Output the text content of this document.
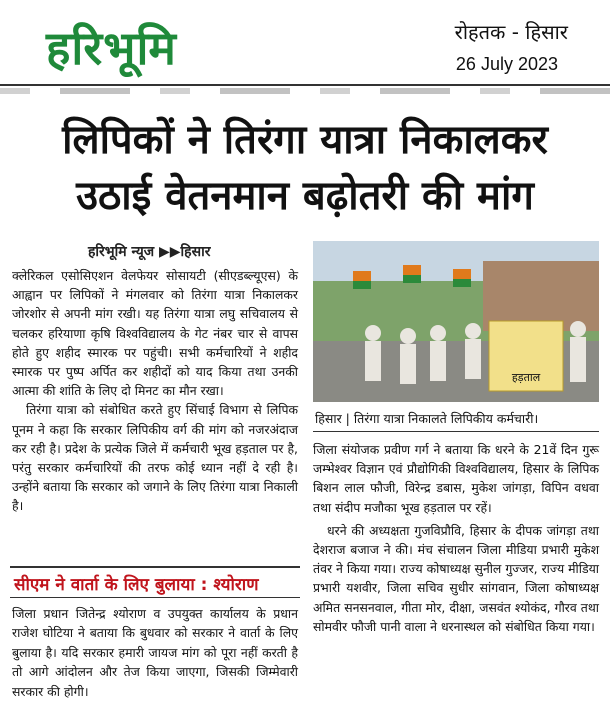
हरिभूमि	रोहतक - हिसार
26 July 2023
लिपिकों ने तिरंगा यात्रा निकालकर
उठाई वेतनमान बढ़ोतरी की मांग
हरिभूमि न्यूज ▶▶हिसार

क्लेरिकल एसोसिएशन वेलफेयर सोसायटी (सीएडब्ल्यूएस) के आह्वान पर लिपिकों ने मंगलवार को तिरंगा यात्रा निकालकर जोरशोर से अपनी मांग रखी। यह तिरंगा यात्रा लघु सचिवालय से चलकर हरियाणा कृषि विश्वविद्यालय के गेट नंबर चार से वापस होते हुए शहीद स्मारक पर पहुंची। सभी कर्मचारियों ने शहीद स्मारक पर पुष्प अर्पित कर शहीदों को याद किया तथा उनकी आत्मा की शांति के लिए दो मिनट का मौन रखा।

तिरंगा यात्रा को संबोधित करते हुए सिंचाई विभाग से लिपिक पूनम ने कहा कि सरकार लिपिकीय वर्ग की मांग को नजरअंदाज कर रही है। प्रदेश के प्रत्येक जिले में कर्मचारी भूख हड़ताल पर है, परंतु सरकार कर्मचारियों की तरफ कोई ध्यान नहीं दे रही है। उन्होंने बताया कि सरकार को जगाने के लिए तिरंगा यात्रा निकाली है।

सीएम ने वार्ता के लिए बुलाया : श्योराण

जिला प्रधान जितेन्द्र श्योराण व उपयुक्त कार्यालय के प्रधान राजेश घोटिया ने बताया कि बुधवार को सरकार ने वार्ता के लिए बुलाया है। यदि सरकार हमारी जायज मांग को पूरा नहीं करती है तो आगे आंदोलन और तेज किया जाएगा, जिसकी जिम्मेवारी सरकार की होगी।

हड़ताल
हिसार | तिरंगा यात्रा निकालते लिपिकीय कर्मचारी।

जिला संयोजक प्रवीण गर्ग ने बताया कि धरने के 21वें दिन गुरू जम्भेश्वर विज्ञान एवं प्रौद्योगिकी विश्वविद्यालय, हिसार के लिपिक बिशन लाल फौजी, विरेन्द्र डबास, मुकेश जांगड़ा, विपिन वधवा तथा संदीप मजौका भूख हड़ताल पर रहें।

धरने की अध्यक्षता गुजविप्रौवि, हिसार के दीपक जांगड़ा तथा देशराज बजाज ने की। मंच संचालन जिला मीडिया प्रभारी मुकेश तंवर ने किया गया। राज्य कोषाध्यक्ष सुनील गुज्जर, राज्य मीडिया प्रभारी यशवीर, जिला सचिव सुधीर सांगवान, जिला कोषाध्यक्ष अमित सनसनवाल, गीता मोर, दीक्षा, जसवंत श्योकंद, गौरव तथा सोमवीर फौजी पानी वाला ने धरनास्थल को संबोधित किया गया।
